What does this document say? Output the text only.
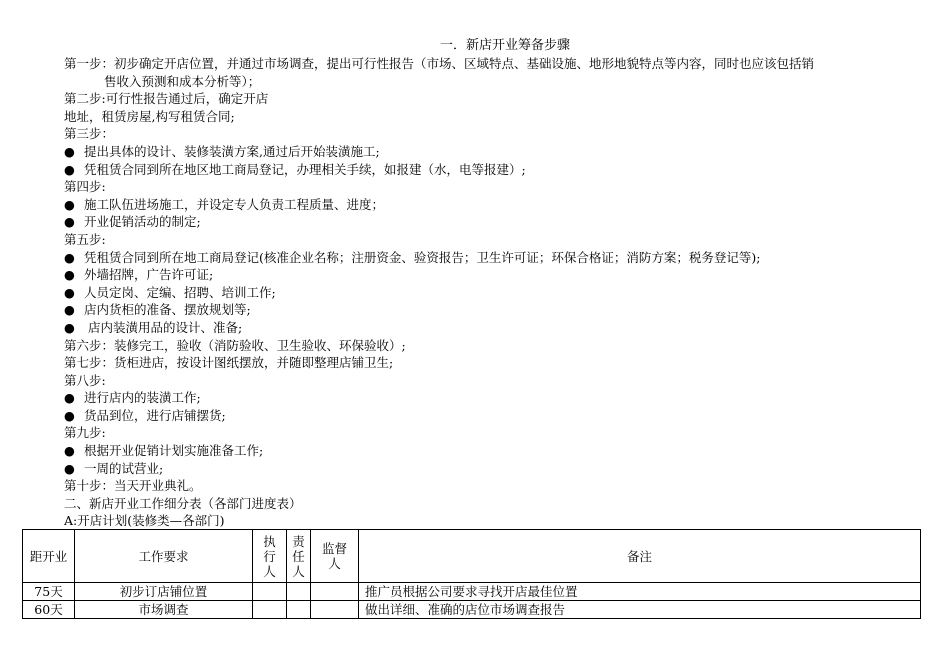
一．新店开业筹备步骤
第一步：初步确定开店位置，并通过市场调查，提出可行性报告（市场、区域特点、基础设施、地形地貌特点等内容，同时也应该包括销
售收入预测和成本分析等）；
第二步:可行性报告通过后，确定开店
地址，租赁房屋,构写租赁合同;
第三步：
● 提出具体的设计、装修装潢方案,通过后开始装潢施工;
● 凭租赁合同到所在地区地工商局登记，办理相关手续，如报建（水，电等报建）;
第四步:
● 施工队伍进场施工，并设定专人负责工程质量、进度；
● 开业促销活动的制定;
第五步:
● 凭租赁合同到所在地工商局登记(核准企业名称；注册资金、验资报告；卫生许可证；环保合格证；消防方案；税务登记等);
● 外墙招牌，广告许可证;
● 人员定岗、定编、招聘、培训工作;
● 店内货柜的准备、摆放规划等;
● 店内装潢用品的设计、准备;
第六步：装修完工，验收（消防验收、卫生验收、环保验收）;
第七步：货柜进店，按设计图纸摆放，并随即整理店铺卫生;
第八步:
● 进行店内的装潢工作;
● 货品到位，进行店铺摆货;
第九步:
● 根据开业促销计划实施准备工作;
● 一周的试营业;
第十步：当天开业典礼。
二、新店开业工作细分表（各部门进度表）
A:开店计划(装修类—各部门)
距开业	工作要求	执行人	责任人	监督人	备注
75天	初步订店铺位置				推广员根据公司要求寻找开店最佳位置
60天	市场调查				做出详细、准确的店位市场调查报告
